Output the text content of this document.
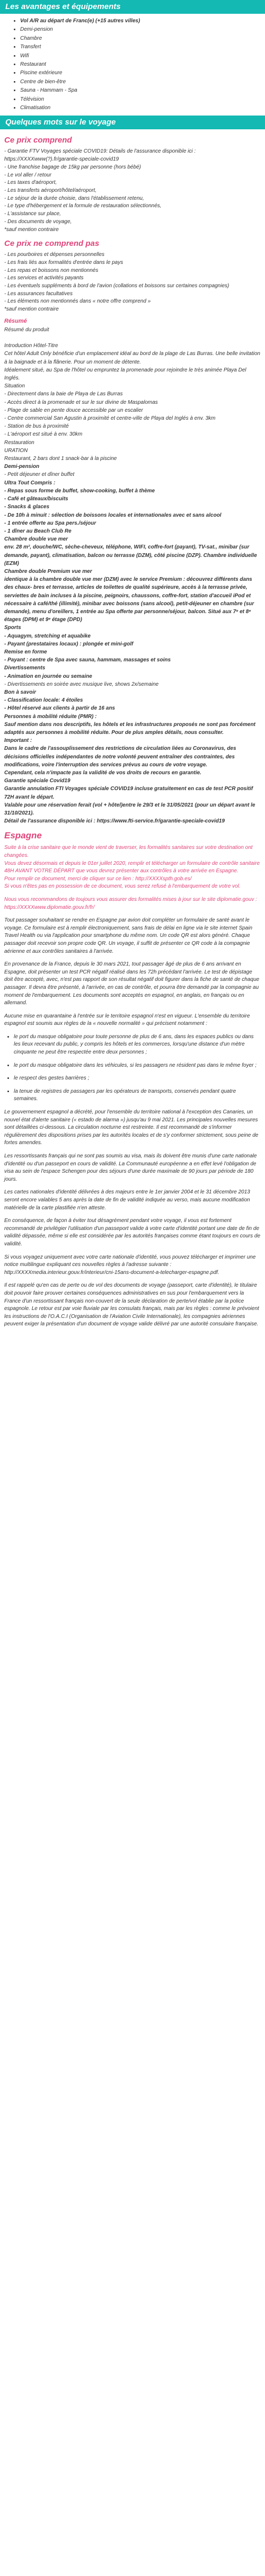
Les avantages et équipements
• Vol A/R au départ de Franc(e) (+15 autres villes)
• Demi-pension
• Chambre
• Transfert
• Wifi
• Restaurant
• Piscine extérieure
• Centre de bien-être
• Sauna - Hammam - Spa
• Télévision
• Climatisation
Quelques mots sur le voyage
Ce prix comprend

- Garantie FTV Voyages spéciale COVID19: Détails de l'assurance disponible ici : https://XXXXwww(?).fr/garantie-speciale-covid19

- Une franchise bagage de 15kg par personne (hors bébé)

- Le vol aller / retour

- Les taxes d'aéroport,

- Les transferts aéroport/hôtel/aéroport,

- Le séjour de la durée choisie, dans l'établissement retenu,

- Le type d'hébergement et la formule de restauration sélectionnés,

- L'assistance sur place,

- Des documents de voyage,

*sauf mention contraire

Ce prix ne comprend pas

- Les pourboires et dépenses personnelles

- Les frais liés aux formalités d'entrée dans le pays

- Les repas et boissons non mentionnés

- Les services et activités payants

- Les éventuels suppléments à bord de l'avion (collations et boissons sur certaines compagnies)

- Les assurances facultatives

- Les éléments non mentionnés dans « notre offre comprend »

*sauf mention contraire

Résumé

Résumé du produit

Introduction Hôtel-Titre

Cet hôtel Adult Only bénéficie d'un emplacement idéal au bord de la plage de Las Burras. Une belle invitation à la baignade et à la flânerie. Pour un moment de détente.

Idéalement situé, au Spa de l'hôtel ou empruntez la promenade pour rejoindre le très animée Playa Del Inglés.

Situation

- Directement dans la baie de Playa de Las Burras

- Accès direct à la promenade et sur le sur divine de Maspalomas

- Plage de sable en pente douce accessible par un escalier

- Centre commercial San Agustin à proximité et centre-ville de Playa del Inglés à env. 3km

- Station de bus à proximité

- L'aéroport est situé à env. 30km

Restauration

URATION

Restaurant, 2 bars dont 1 snack-bar à la piscine

Demi-pension

- Petit déjeuner et dîner buffet

Ultra Tout Compris :

- Repas sous forme de buffet, show-cooking, buffet à thème

- Café et gâteaux/biscuits

- Snacks & glaces

- De 10h à minuit : sélection de boissons locales et internationales avec et sans alcool

- 1 entrée offerte au Spa pers./séjour

- 1 dîner au Beach Club Re

Chambre double vue mer

env. 28 m², douche/WC, sèche-cheveux, téléphone, WIFI, coffre-fort (payant), TV-sat., minibar (sur demande, payant), climatisation, balcon ou terrasse (DZM), côté piscine (DZP). Chambre individuelle (EZM)

Chambre double Premium vue mer

identique à la chambre double vue mer (DZM) avec le service Premium : découvrez différents dans des chaux- bres et terrasse, articles de toilettes de qualité supérieure, accès à la terrasse privée, serviettes de bain incluses à la piscine, peignoirs, chaussons, coffre-fort, station d'accueil iPod et nécessaire à café/thé (illimité), minibar avec boissons (sans alcool), petit-déjeuner en chambre (sur demande), menu d'oreillers, 1 entrée au Spa offerte par personne/séjour, balcon. Situé aux 7ᵉ et 8ᵉ étages (DPM) et 9ᵉ étage (DPD)

Sports

- Aquagym, stretching et aquabike

- Payant (prestataires locaux) : plongée et mini-golf

Remise en forme

- Payant : centre de Spa avec sauna, hammam, massages et soins

Divertissements

- Animation en journée ou semaine

- Divertissements en soirée avec musique live, shows 2x/semaine

Bon à savoir

- Classification locale: 4 étoiles

- Hôtel réservé aux clients à partir de 16 ans

Personnes à mobilité réduite (PMR) :

Sauf mention dans nos descriptifs, les hôtels et les infrastructures proposés ne sont pas forcément adaptés aux personnes à mobilité réduite. Pour de plus amples détails, nous consulter.

Important :

Dans le cadre de l'assouplissement des restrictions de circulation liées au Coronavirus, des décisions officielles indépendantes de notre volonté peuvent entraîner des contraintes, des modifications, voire l'interruption des services prévus au cours de votre voyage.

Cependant, cela n'impacte pas la validité de vos droits de recours en garantie.

Garantie spéciale Covid19

Garantie annulation FTI Voyages spéciale COVID19 incluse gratuitement en cas de test PCR positif 72H avant le départ.

Valable pour une réservation ferait (vol + hôtel)entre le 29/3 et le 31/05/2021 (pour un départ avant le 31/10/2021).

Détail de l'assurance disponible ici : https://www.fti-service.fr/garantie-speciale-covid19

Espagne

Suite à la crise sanitaire que le monde vient de traverser, les formalités sanitaires sur votre destination ont changées.

Vous devez désormais et depuis le 01er juillet 2020, remplir et télécharger un formulaire de contrôle sanitaire 48H AVANT VOTRE DÉPART que vous devrez présenter aux contrôles à votre arrivée en Espagne.

Pour remplir ce document, merci de cliquer sur ce lien : http://XXXXspth.gob.es/

Si vous n'êtes pas en possession de ce document, vous serez refusé à l'embarquement de votre vol.

Nous vous recommandons de toujours vous assurer des formalités mises à jour sur le site diplomatie.gouv : https://XXXXwww.diplomatie.gouv.fr/fr/

Tout passager souhaitant se rendre en Espagne par avion doit compléter un formulaire de santé avant le voyage. Ce formulaire est à remplir électroniquement, sans frais de délai en ligne via le site internet Spain Travel Health ou via l'application pour smartphone du même nom. Un code QR est alors généré. Chaque passager doit recevoir son propre code QR. Un voyage, il suffit de présenter ce QR code à la compagnie aérienne et aux contrôles sanitaires à l'arrivée.

En provenance de la France, depuis le 30 mars 2021, tout passager âgé de plus de 6 ans arrivant en Espagne, doit présenter un test PCR négatif réalisé dans les 72h précédant l'arrivée. Le test de dépistage doit être accepté, avec, n'est pas rapport de son résultat négatif doit figurer dans la fiche de santé de chaque passager. Il devra être présenté, à l'arrivée, en cas de contrôle, et pourra être demandé par la compagnie au moment de l'embarquement. Les documents sont acceptés en espagnol, en anglais, en français ou en allemand.

Aucune mise en quarantaine à l'entrée sur le territoire espagnol n'est en vigueur. L'ensemble du territoire espagnol est soumis aux règles de la « nouvelle normalité » qui précisent notamment :

• le port du masque obligatoire pour toute personne de plus de 6 ans, dans les espaces publics ou dans les lieux recevant du public, y compris les hôtels et les commerces, lorsqu'une distance d'un mètre cinquante ne peut être respectée entre deux personnes ;
• le port du masque obligatoire dans les véhicules, si les passagers ne résident pas dans le même foyer ;
• le respect des gestes barrières ;
• la tenue de registres de passagers par les opérateurs de transports, conservés pendant quatre semaines.

Le gouvernement espagnol a décrété, pour l'ensemble du territoire national à l'exception des Canaries, un nouvel état d'alerte sanitaire (« estado de alarma ») jusqu'au 9 mai 2021. Les principales nouvelles mesures sont détaillées ci-dessous. La circulation nocturne est restreinte. Il est recommandé de s'informer régulièrement des dispositions prises par les autorités locales et de s'y conformer strictement, sous peine de fortes amendes.

Les ressortissants français qui ne sont pas soumis au visa, mais ils doivent être munis d'une carte nationale d'identité ou d'un passeport en cours de validité. La Communauté européenne a en effet levé l'obligation de visa au sein de l'espace Schengen pour des séjours d'une durée maximale de 90 jours par période de 180 jours.

Les cartes nationales d'identité délivrées à des majeurs entre le 1er janvier 2004 et le 31 décembre 2013 seront encore valables 5 ans après la date de fin de validité indiquée au verso, mais aucune modification matérielle de la carte plastifiée n'en atteste.

En conséquence, de façon à éviter tout désagrément pendant votre voyage, il vous est fortement recommandé de privilégier l'utilisation d'un passeport valide à votre carte d'identité portant une date de fin de validité dépassée, même si elle est considérée par les autorités françaises comme étant toujours en cours de validité.

Si vous voyagez uniquement avec votre carte nationale d'identité, vous pouvez télécharger et imprimer une notice multilingue expliquant ces nouvelles règles à l'adresse suivante : http://XXXXmedia.interieur.gouv.fr/interieur/cni-15ans-document-a-telecharger-espagne.pdf.

Il est rappelé qu'en cas de perte ou de vol des documents de voyage (passeport, carte d'identité), le titulaire doit pouvoir faire prouver certaines conséquences administratives en sus pour l'embarquement vers la France d'un ressortissant français non-couvert de la seule déclaration de perte/vol établie par la police espagnole. Le retour est par voie fluviale par les consulats français, mais par les règles : comme le prévoient les instructions de l'O.A.C.I (Organisation de l'Aviation Civile Internationale), les compagnies aériennes peuvent exiger la présentation d'un document de voyage valide délivré par une autorité consulaire française.
